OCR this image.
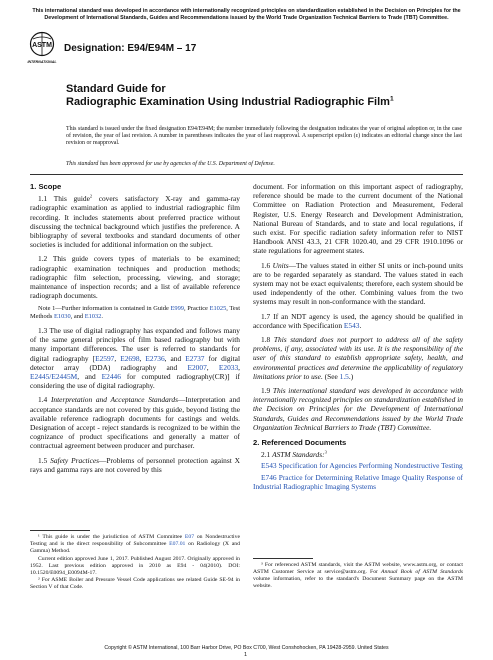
This international standard was developed in accordance with internationally recognized principles on standardization established in the Decision on Principles for the Development of International Standards, Guides and Recommendations issued by the World Trade Organization Technical Barriers to Trade (TBT) Committee.
ASTM
INTERNATIONAL
Designation: E94/E94M – 17
Standard Guide for
Radiographic Examination Using Industrial Radiographic Film$^1$
This standard is issued under the fixed designation E94/E94M; the number immediately following the designation indicates the year of original adoption or, in the case of revision, the year of last revision. A number in parentheses indicates the year of last reapproval. A superscript epsilon (ε) indicates an editorial change since the last revision or reapproval.
This standard has been approved for use by agencies of the U.S. Department of Defense.
1. Scope

1.1 This guide$^2$ covers satisfactory X-ray and gamma-ray radiographic examination as applied to industrial radiographic film recording. It includes statements about preferred practice without discussing the technical background which justifies the preference. A bibliography of several textbooks and standard documents of other societies is included for additional information on the subject.

1.2 This guide covers types of materials to be examined; radiographic examination techniques and production methods; radiographic film selection, processing, viewing, and storage; maintenance of inspection records; and a list of available reference radiograph documents.

Note 1—Further information is contained in Guide E999, Practice E1025, Test Methods E1030, and E1032.

1.3 The use of digital radiography has expanded and follows many of the same general principles of film based radiography but with many important differences. The user is referred to standards for digital radiography [E2597, E2698, E2736, and E2737 for digital detector array (DDA) radiography and E2007, E2033, E2445/E2445M, and E2446 for computed radiography(CR)] if considering the use of digital radiography.

1.4 Interpretation and Acceptance Standards—Interpretation and acceptance standards are not covered by this guide, beyond listing the available reference radiograph documents for castings and welds. Designation of accept - reject standards is recognized to be within the cognizance of product specifications and generally a matter of contractual agreement between producer and purchaser.

1.5 Safety Practices—Problems of personnel protection against X rays and gamma rays are not covered by this

¹ This guide is under the jurisdiction of ASTM Committee E07 on Nondestructive Testing and is the direct responsibility of Subcommittee E07.01 on Radiology (X and Gamma) Method.

Current edition approved June 1, 2017. Published August 2017. Originally approved in 1952. Last previous edition approved in 2010 as E94 - 04(2010). DOI: 10.1520/E0094_E0094M-17.

² For ASME Boiler and Pressure Vessel Code applications see related Guide SE-94 in Section V of that Code.

document. For information on this important aspect of radiography, reference should be made to the current document of the National Committee on Radiation Protection and Measurement, Federal Register, U.S. Energy Research and Development Administration, National Bureau of Standards, and to state and local regulations, if such exist. For specific radiation safety information refer to NIST Handbook ANSI 43.3, 21 CFR 1020.40, and 29 CFR 1910.1096 or state regulations for agreement states.

1.6 Units—The values stated in either SI units or inch-pound units are to be regarded separately as standard. The values stated in each system may not be exact equivalents; therefore, each system should be used independently of the other. Combining values from the two systems may result in non-conformance with the standard.

1.7 If an NDT agency is used, the agency should be qualified in accordance with Specification E543.

1.8 This standard does not purport to address all of the safety problems, if any, associated with its use. It is the responsibility of the user of this standard to establish appropriate safety, health, and environmental practices and determine the applicability of regulatory limitations prior to use. (See 1.5.)

1.9 This international standard was developed in accordance with internationally recognized principles on standardization established in the Decision on Principles for the Development of International Standards, Guides and Recommendations issued by the World Trade Organization Technical Barriers to Trade (TBT) Committee.

2. Referenced Documents

2.1 ASTM Standards:$^3$

E543 Specification for Agencies Performing Nondestructive Testing

E746 Practice for Determining Relative Image Quality Response of Industrial Radiographic Imaging Systems

³ For referenced ASTM standards, visit the ASTM website, www.astm.org, or contact ASTM Customer Service at service@astm.org. For Annual Book of ASTM Standards volume information, refer to the standard's Document Summary page on the ASTM website.

Copyright © ASTM International, 100 Barr Harbor Drive, PO Box C700, West Conshohocken, PA 19428-2959. United States
1
